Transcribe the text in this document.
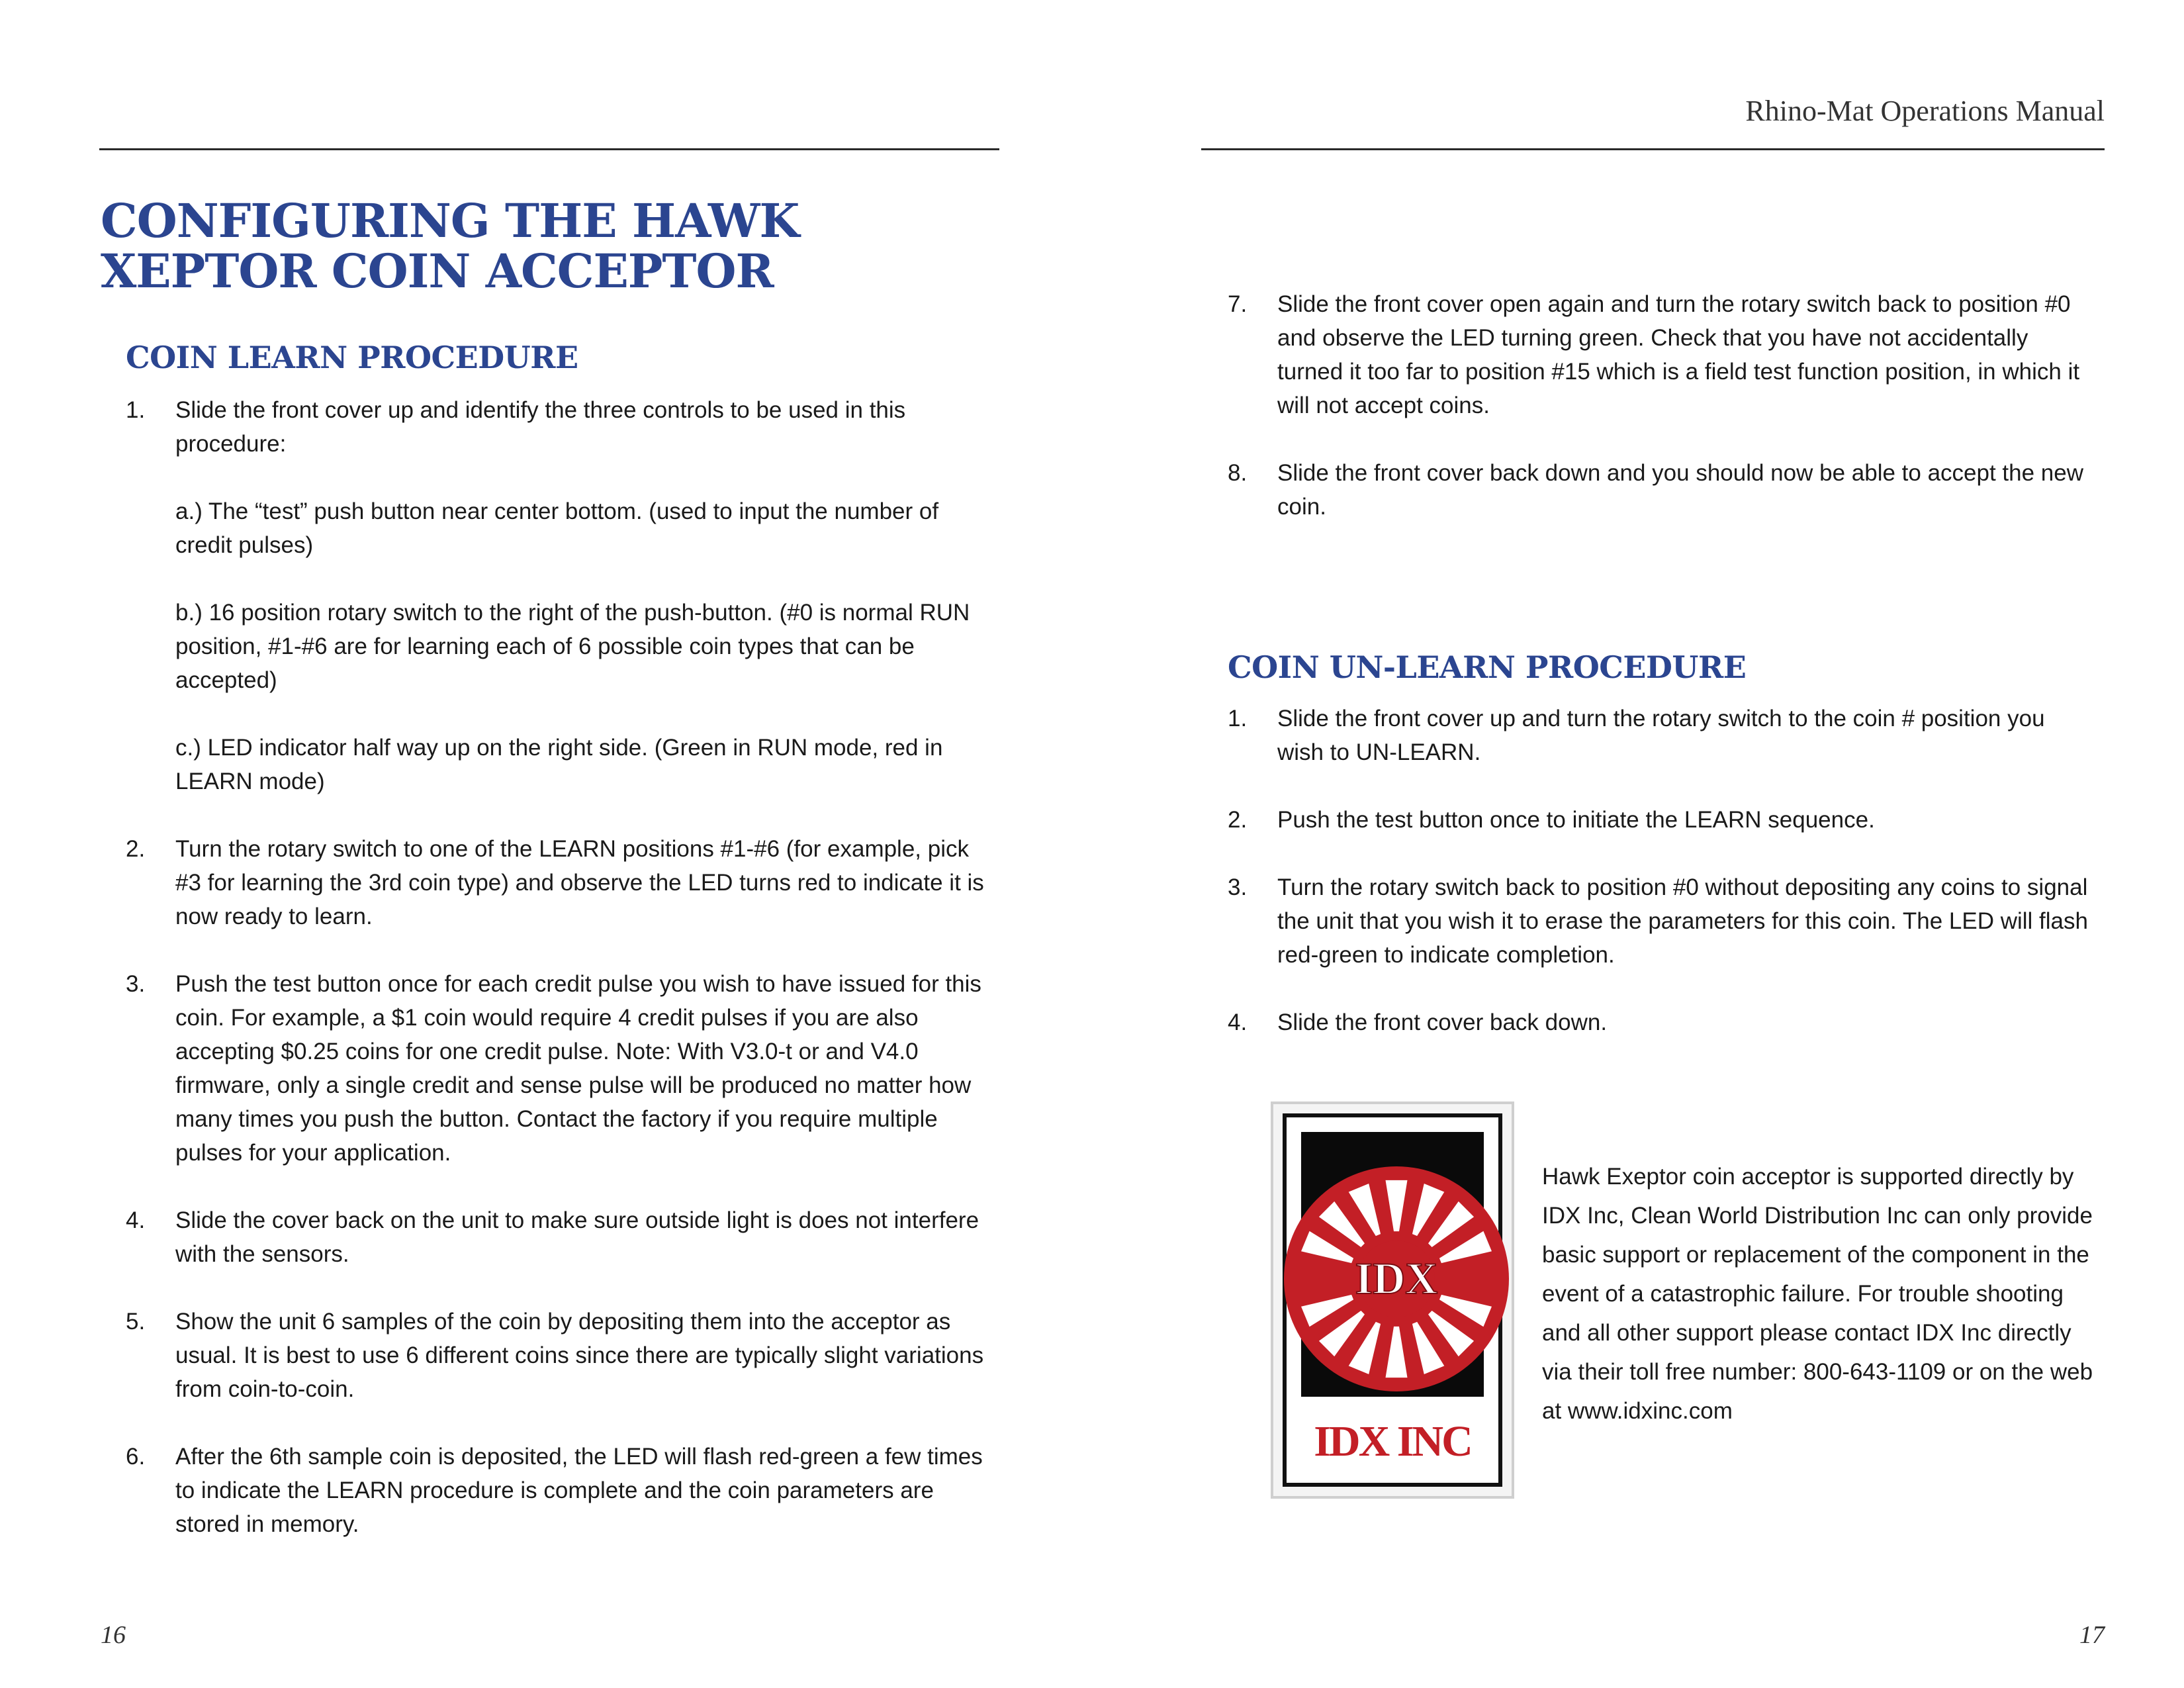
CONFIGURING THE HAWK XEPTOR COIN ACCEPTOR
COIN LEARN PROCEDURE
1. Slide the front cover up and identify the three controls to be used in this procedure:

a.) The “test” push button near center bottom. (used to input the number of credit pulses)

b.) 16 position rotary switch to the right of the push-button. (#0 is normal RUN position, #1-#6 are for learning each of 6 possible coin types that can be accepted)

c.) LED indicator half way up on the right side. (Green in RUN mode, red in LEARN mode)

2. Turn the rotary switch to one of the LEARN positions #1-#6 (for example, pick #3 for learning the 3rd coin type) and observe the LED turns red to indicate it is now ready to learn.

3. Push the test button once for each credit pulse you wish to have issued for this coin. For example, a $1 coin would require 4 credit pulses if you are also accepting $0.25 coins for one credit pulse. Note: With V3.0-t or and V4.0 firmware, only a single credit and sense pulse will be produced no matter how many times you push the button. Contact the factory if you require multiple pulses for your application.

4. Slide the cover back on the unit to make sure outside light is does not interfere with the sensors.

5. Show the unit 6 samples of the coin by depositing them into the acceptor as usual. It is best to use 6 different coins since there are typically slight variations from coin-to-coin.

6. After the 6th sample coin is deposited, the LED will flash red-green a few times to indicate the LEARN procedure is complete and the coin parameters are stored in memory.

16
Rhino-Mat Operations Manual
7. Slide the front cover open again and turn the rotary switch back to position #0 and observe the LED turning green. Check that you have not accidentally turned it too far to position #15 which is a field test function position, in which it will not accept coins.

8. Slide the front cover back down and you should now be able to accept the new coin.

COIN UN-LEARN PROCEDURE
1. Slide the front cover up and turn the rotary switch to the coin # position you wish to UN-LEARN.

2. Push the test button once to initiate the LEARN sequence.

3. Turn the rotary switch back to position #0 without depositing any coins to signal the unit that you wish it to erase the parameters for this coin. The LED will flash red-green to indicate completion.

4. Slide the front cover back down.

IDX
IDX INC
Hawk Exeptor coin acceptor is supported directly by IDX Inc, Clean World Distribution Inc can only provide basic support or replacement of the component in the event of a catastrophic failure. For trouble shooting and all other support please contact IDX Inc directly via their toll free number: 800-643-1109 or on the web at www.idxinc.com
17
